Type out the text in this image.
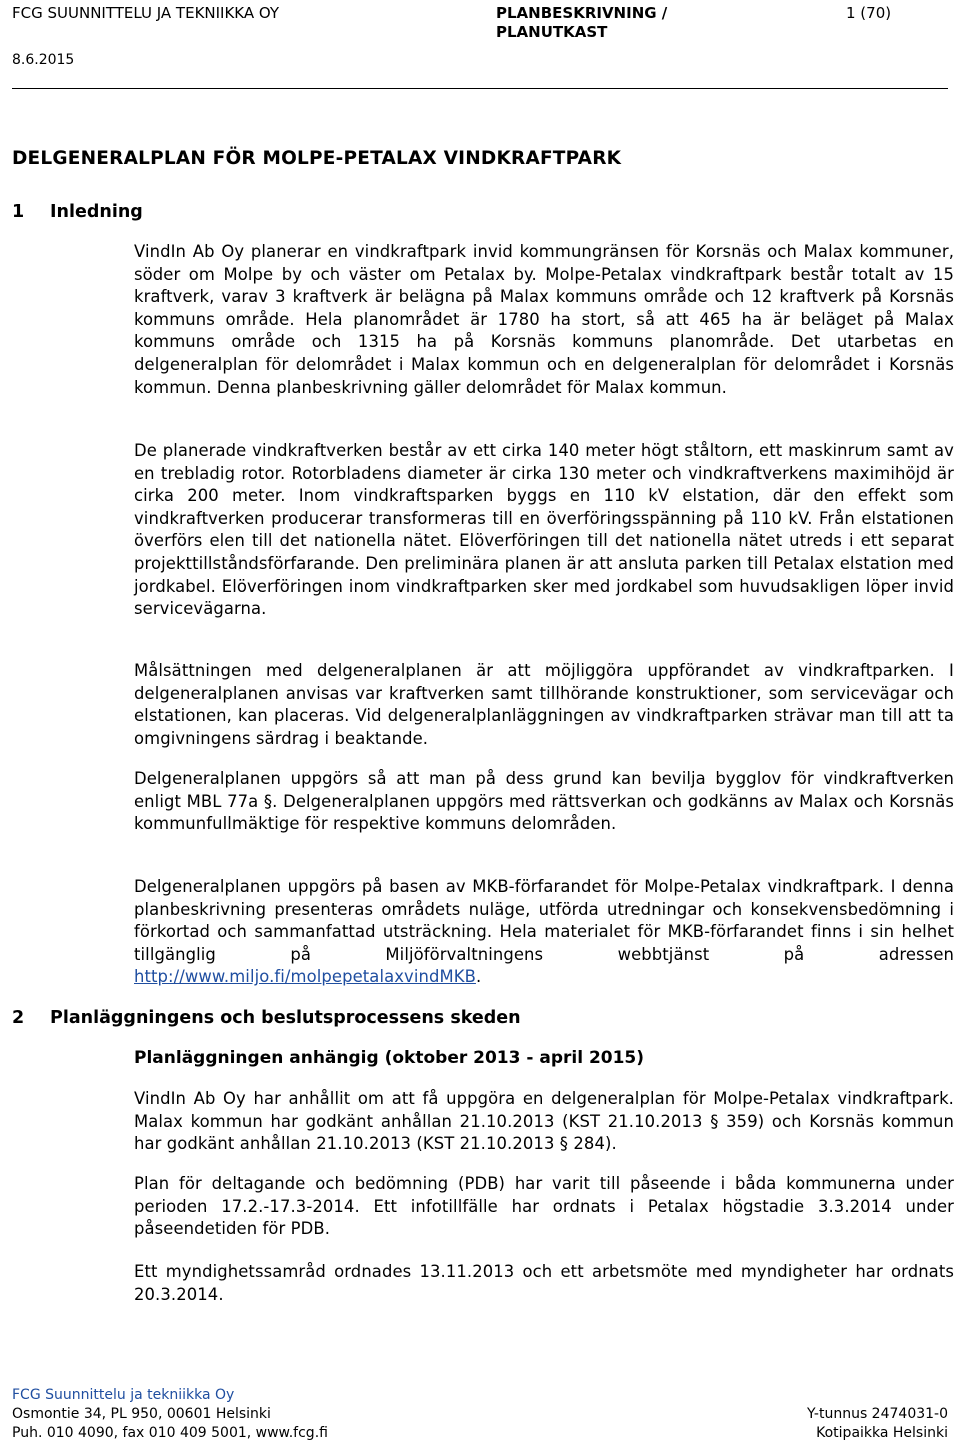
FCG SUUNNITTELU JA TEKNIIKKA OY
8.6.2015
PLANBESKRIVNING /
PLANUTKAST
1 (70)
DELGENERALPLAN FÖR MOLPE-PETALAX VINDKRAFTPARK
1 Inledning

VindIn Ab Oy planerar en vindkraftpark invid kommungränsen för Korsnäs och Malax kommuner, söder om Molpe by och väster om Petalax by. Molpe-Petalax vindkraftpark består totalt av 15 kraftverk, varav 3 kraftverk är belägna på Malax kommuns område och 12 kraftverk på Korsnäs kommuns område. Hela planområdet är 1780 ha stort, så att 465 ha är beläget på Malax kommuns område och 1315 ha på Korsnäs kommuns planområde. Det utarbetas en delgeneralplan för delområdet i Malax kommun och en delgeneralplan för delområdet i Korsnäs kommun. Denna planbeskrivning gäller delområdet för Malax kommun.

De planerade vindkraftverken består av ett cirka 140 meter högt ståltorn, ett maskinrum samt av en trebladig rotor. Rotorbladens diameter är cirka 130 meter och vindkraftverkens maximihöjd är cirka 200 meter. Inom vindkraftsparken byggs en 110 kV elstation, där den effekt som vindkraftverken producerar transformeras till en överföringsspänning på 110 kV. Från elstationen överförs elen till det nationella nätet. Elöverföringen till det nationella nätet utreds i ett separat projekttillståndsförfarande. Den preliminära planen är att ansluta parken till Petalax elstation med jordkabel. Elöverföringen inom vindkraftparken sker med jordkabel som huvudsakligen löper invid servicevägarna.

Målsättningen med delgeneralplanen är att möjliggöra uppförandet av vindkraftparken. I delgeneralplanen anvisas var kraftverken samt tillhörande konstruktioner, som servicevägar och elstationen, kan placeras. Vid delgeneralplanläggningen av vindkraftparken strävar man till att ta omgivningens särdrag i beaktande.

Delgeneralplanen uppgörs så att man på dess grund kan bevilja bygglov för vindkraftverken enligt MBL 77a §. Delgeneralplanen uppgörs med rättsverkan och godkänns av Malax och Korsnäs kommunfullmäktige för respektive kommuns delområden.

Delgeneralplanen uppgörs på basen av MKB-förfarandet för Molpe-Petalax vindkraftpark. I denna planbeskrivning presenteras områdets nuläge, utförda utredningar och konsekvensbedömning i förkortad och sammanfattad utsträckning. Hela materialet för MKB-förfarandet finns i sin helhet tillgänglig på Miljöförvaltningens webbtjänst på adressen http://www.miljo.fi/molpepetalaxvindMKB.

2 Planläggningens och beslutsprocessens skeden
Planläggningen anhängig (oktober 2013 - april 2015)

VindIn Ab Oy har anhållit om att få uppgöra en delgeneralplan för Molpe-Petalax vindkraftpark. Malax kommun har godkänt anhållan 21.10.2013 (KST 21.10.2013 § 359) och Korsnäs kommun har godkänt anhållan 21.10.2013 (KST 21.10.2013 § 284).

Plan för deltagande och bedömning (PDB) har varit till påseende i båda kommunerna under perioden 17.2.-17.3-2014. Ett infotillfälle har ordnats i Petalax högstadie 3.3.2014 under påseendetiden för PDB.

Ett myndighetssamråd ordnades 13.11.2013 och ett arbetsmöte med myndigheter har ordnats 20.3.2014.

FCG Suunnittelu ja tekniikka Oy
Osmontie 34, PL 950, 00601 Helsinki	Y-tunnus 2474031-0
Puh. 010 4090, fax 010 409 5001, www.fcg.fi	Kotipaikka Helsinki
